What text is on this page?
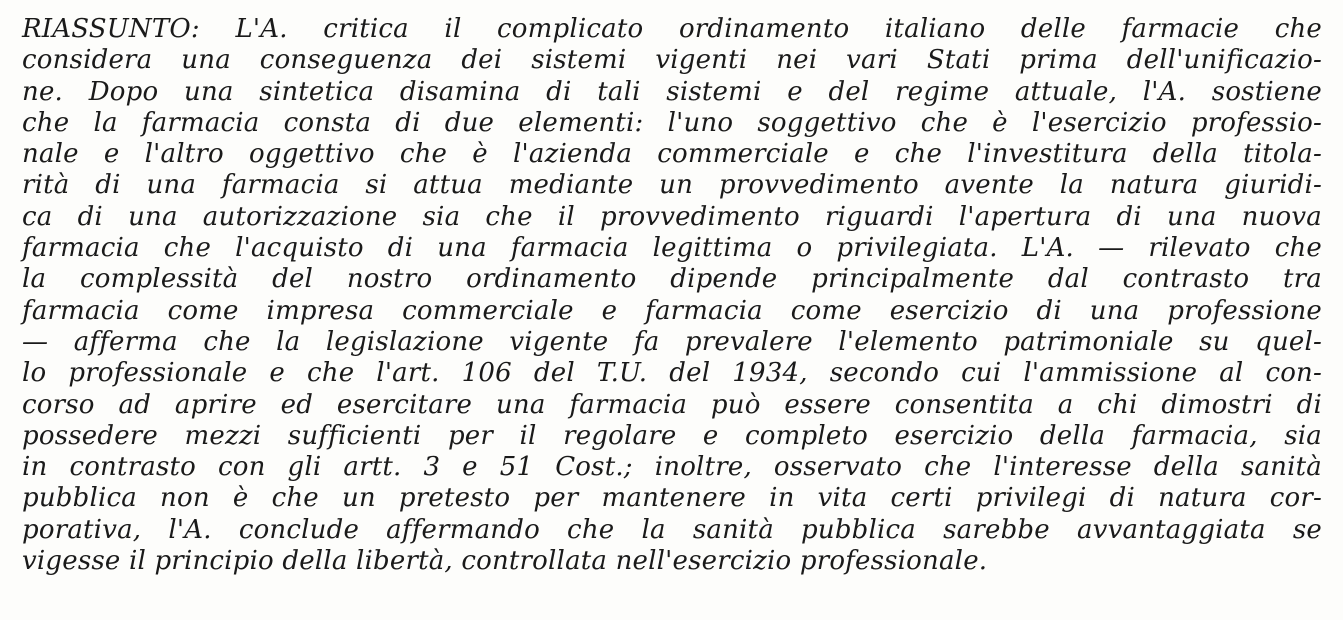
RIASSUNTO: L'A. critica il complicato ordinamento italiano delle farmacie che
considera una conseguenza dei sistemi vigenti nei vari Stati prima dell'unificazio-
ne. Dopo una sintetica disamina di tali sistemi e del regime attuale, l'A. sostiene
che la farmacia consta di due elementi: l'uno soggettivo che è l'esercizio professio-
nale e l'altro oggettivo che è l'azienda commerciale e che l'investitura della titola-
rità di una farmacia si attua mediante un provvedimento avente la natura giuridi-
ca di una autorizzazione sia che il provvedimento riguardi l'apertura di una nuova
farmacia che l'acquisto di una farmacia legittima o privilegiata. L'A. — rilevato che
la complessità del nostro ordinamento dipende principalmente dal contrasto tra
farmacia come impresa commerciale e farmacia come esercizio di una professione
— afferma che la legislazione vigente fa prevalere l'elemento patrimoniale su quel-
lo professionale e che l'art. 106 del T.U. del 1934, secondo cui l'ammissione al con-
corso ad aprire ed esercitare una farmacia può essere consentita a chi dimostri di
possedere mezzi sufficienti per il regolare e completo esercizio della farmacia, sia
in contrasto con gli artt. 3 e 51 Cost.; inoltre, osservato che l'interesse della sanità
pubblica non è che un pretesto per mantenere in vita certi privilegi di natura cor-
porativa, l'A. conclude affermando che la sanità pubblica sarebbe avvantaggiata se
vigesse il principio della libertà, controllata nell'esercizio professionale.
